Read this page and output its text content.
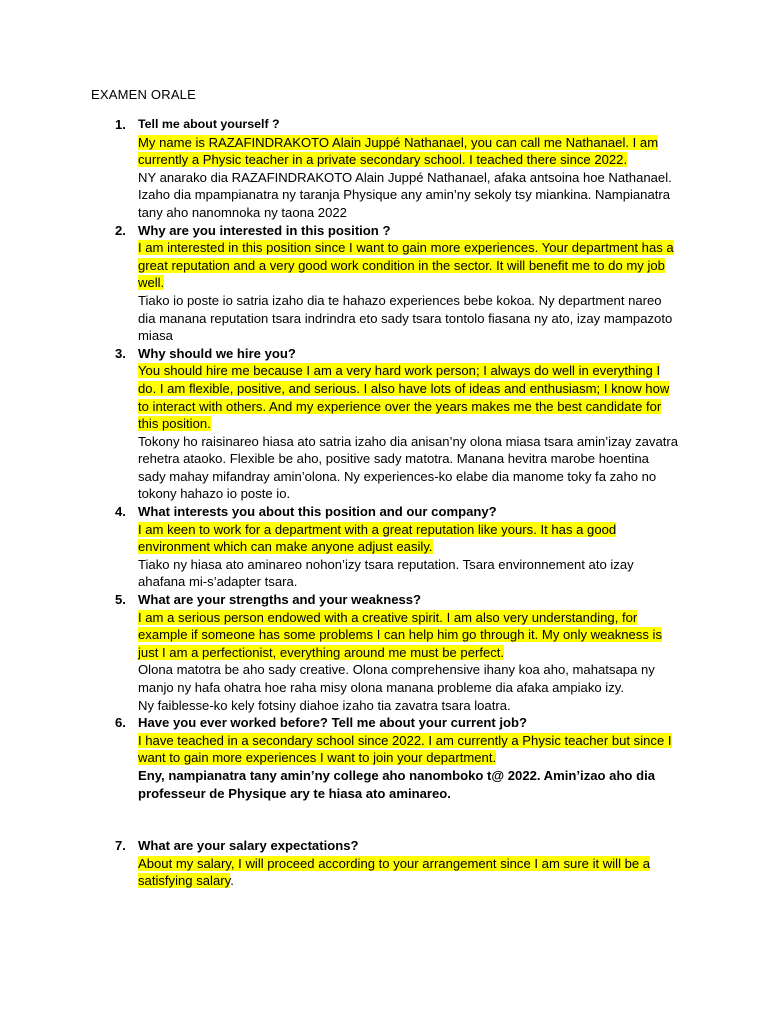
EXAMEN ORALE
1. Tell me about yourself ?
My name is RAZAFINDRAKOTO Alain Juppé Nathanael, you can call me Nathanael. I am currently a Physic teacher in a private secondary school. I teached there since 2022.
NY anarako dia RAZAFINDRAKOTO Alain Juppé Nathanael, afaka antsoina hoe Nathanael. Izaho dia mpampianatra ny taranja Physique any amin’ny sekoly tsy miankina. Nampianatra tany aho nanomnoka ny taona 2022
2. Why are you interested in this position ?
I am interested in this position since I want to gain more experiences. Your department has a great reputation and a very good work condition in the sector. It will benefit me to do my job well.
Tiako io poste io satria izaho dia te hahazo experiences bebe kokoa. Ny department nareo dia manana reputation tsara indrindra eto sady tsara tontolo fiasana ny ato, izay mampazoto miasa
3. Why should we hire you?
You should hire me because I am a very hard work person; I always do well in everything I do. I am flexible, positive, and serious. I also have lots of ideas and enthusiasm; I know how to interact with others. And my experience over the years makes me the best candidate for this position.
Tokony ho raisinareo hiasa ato satria izaho dia anisan’ny olona miasa tsara amin’izay zavatra rehetra ataoko. Flexible be aho, positive sady matotra. Manana hevitra marobe hoentina sady mahay mifandray amin’olona. Ny experiences-ko elabe dia manome toky fa zaho no tokony hahazo io poste io.
4. What interests you about this position and our company?
I am keen to work for a department with a great reputation like yours. It has a good environment which can make anyone adjust easily.
Tiako ny hiasa ato aminareo nohon’izy tsara reputation. Tsara environnement ato izay ahafana mi-s’adapter tsara.
5. What are your strengths and your weakness?
I am a serious person endowed with a creative spirit. I am also very understanding, for example if someone has some problems I can help him go through it. My only weakness is just I am a perfectionist, everything around me must be perfect.
Olona matotra be aho sady creative. Olona comprehensive ihany koa aho, mahatsapa ny manjo ny hafa ohatra hoe raha misy olona manana probleme dia afaka ampiako izy.
Ny faiblesse-ko kely fotsiny diahoe izaho tia zavatra tsara loatra.
6. Have you ever worked before? Tell me about your current job?
I have teached in a secondary school since 2022. I am currently a Physic teacher but since I want to gain more experiences I want to join your department.
Eny, nampianatra tany amin’ny college aho nanomboko t@ 2022. Amin’izao aho dia professeur de Physique ary te hiasa ato aminareo.
7. What are your salary expectations?
About my salary, I will proceed according to your arrangement since I am sure it will be a satisfying salary.
